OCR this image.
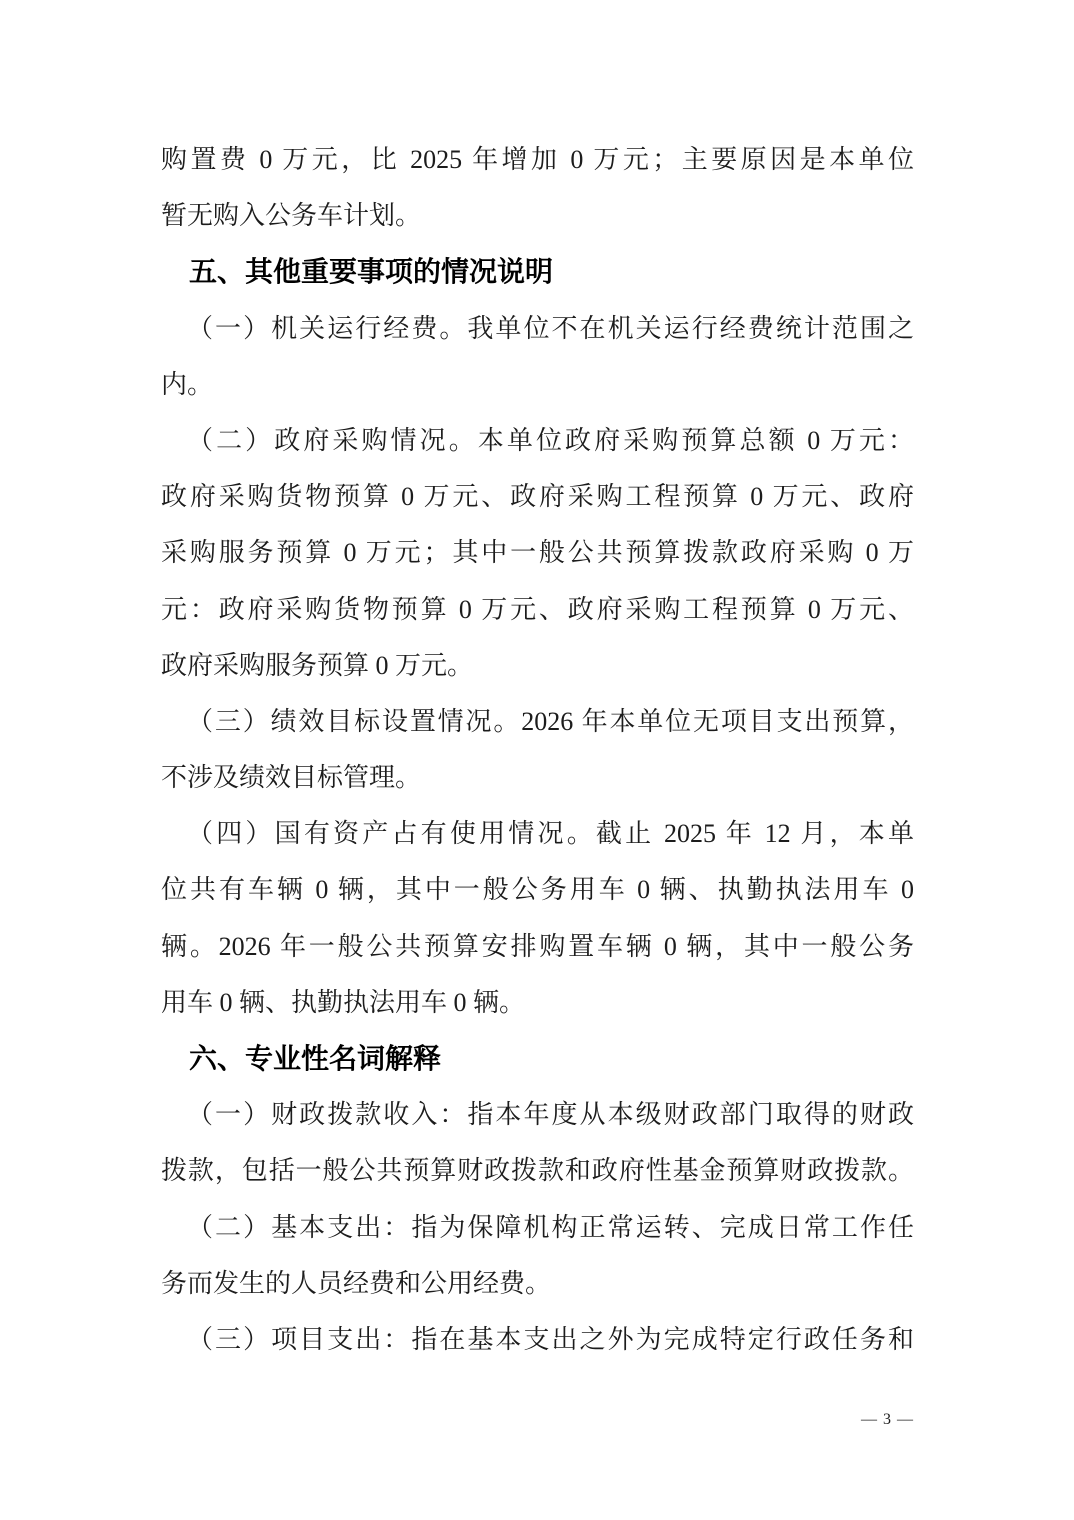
购置费 0 万元，比 2025 年增加 0 万元；主要原因是本单位
暂无购入公务车计划。
五、其他重要事项的情况说明
（一）机关运行经费。我单位不在机关运行经费统计范围之
内。
（二）政府采购情况。本单位政府采购预算总额 0 万元：
政府采购货物预算 0 万元、政府采购工程预算 0 万元、政府
采购服务预算 0 万元；其中一般公共预算拨款政府采购 0 万
元：政府采购货物预算 0 万元、政府采购工程预算 0 万元、
政府采购服务预算 0 万元。
（三）绩效目标设置情况。2026 年本单位无项目支出预算，
不涉及绩效目标管理。
（四）国有资产占有使用情况。截止 2025 年 12 月，本单
位共有车辆 0 辆，其中一般公务用车 0 辆、执勤执法用车 0
辆。2026 年一般公共预算安排购置车辆 0 辆，其中一般公务
用车 0 辆、执勤执法用车 0 辆。
六、专业性名词解释
（一）财政拨款收入：指本年度从本级财政部门取得的财政
拨款，包括一般公共预算财政拨款和政府性基金预算财政拨款。
（二）基本支出：指为保障机构正常运转、完成日常工作任
务而发生的人员经费和公用经费。
（三）项目支出：指在基本支出之外为完成特定行政任务和
— 3 —
